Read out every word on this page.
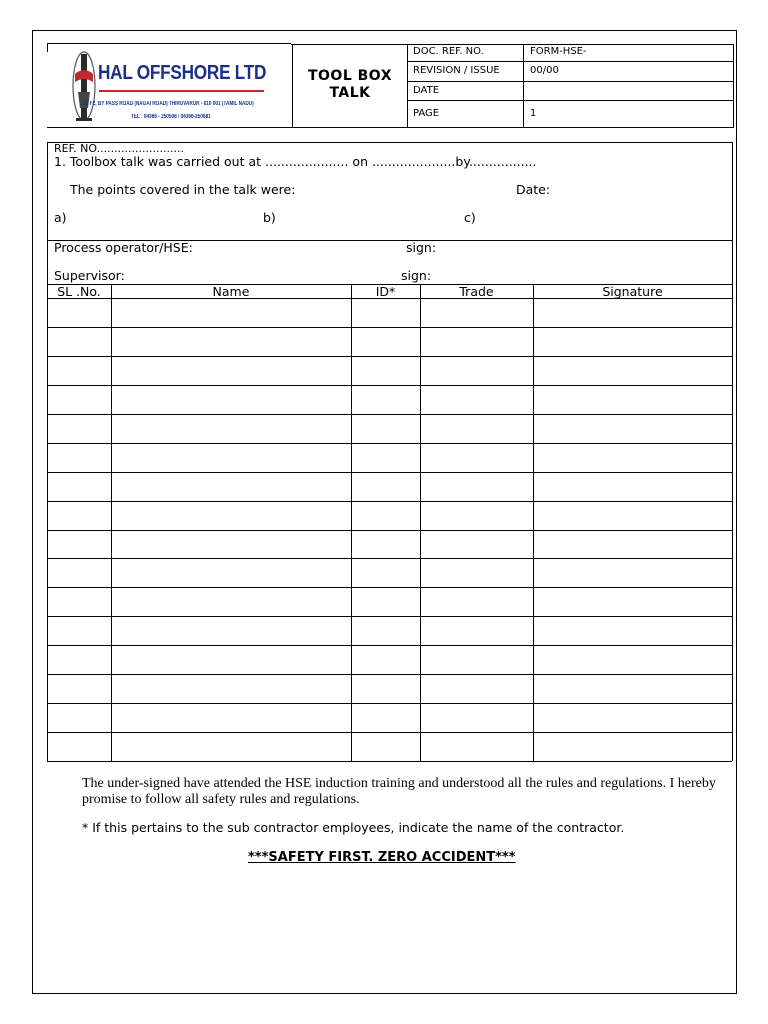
HAL OFFSHORE LTD
1/2 F2, BY PASS ROAD (NAGAI ROAD) THIRUVARUR - 610 001 (TAMIL NADU)
TEL : 04366 - 250508 / 04366-250681
TOOL BOX
TALK
DOC. REF. NO.	FORM-HSE-
REVISION / ISSUE	00/00
DATE
PAGE	1
REF. NO.........................
1. Toolbox talk was carried out at ..................... on .....................by.................
The points covered in the talk were:	Date:
a)	b)	c)
Process operator/HSE:	sign:
Supervisor:	sign:
SL .No.	Name	ID*	Trade	Signature
The under-signed have attended the HSE induction training and understood all the rules and regulations. I hereby promise to follow all safety rules and regulations.
* If this pertains to the sub contractor employees, indicate the name of the contractor.
***SAFETY FIRST. ZERO ACCIDENT***
